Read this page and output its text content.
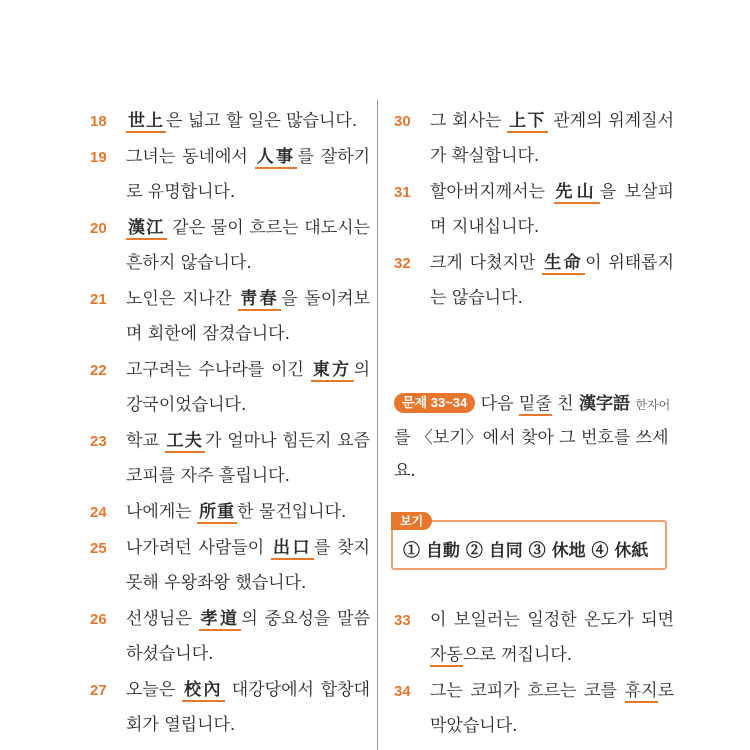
18	世上 은 넓고 할 일은 많습니다.
19	그녀는 동네에서 人事 를 잘하기로 유명합니다.
20	漢江 같은 물이 흐르는 대도시는 흔하지 않습니다.
21	노인은 지나간 靑春 을 돌이켜보며 회한에 잠겼습니다.
22	고구려는 수나라를 이긴 東方 의 강국이었습니다.
23	학교 工夫 가 얼마나 힘든지 요즘 코피를 자주 흘립니다.
24	나에게는 所重 한 물건입니다.
25	나가려던 사람들이 出口 를 찾지 못해 우왕좌왕 했습니다.
26	선생님은 孝道 의 중요성을 말씀하셨습니다.
27	오늘은 校內 대강당에서 합창대회가 열립니다.
30	그 회사는 上下 관계의 위계질서가 확실합니다.
31	할아버지께서는 先山 을 보살피며 지내십니다.
32	크게 다쳤지만 生命 이 위태롭지는 않습니다.
문제 33~34 다음 밑줄 친 漢字語 한자어를 〈보기〉에서 찾아 그 번호를 쓰세요.
보기
① 自動 ② 自同 ③ 休地 ④ 休紙
33	이 보일러는 일정한 온도가 되면 자동으로 꺼집니다.
34	그는 코피가 흐르는 코를 휴지로 막았습니다.
